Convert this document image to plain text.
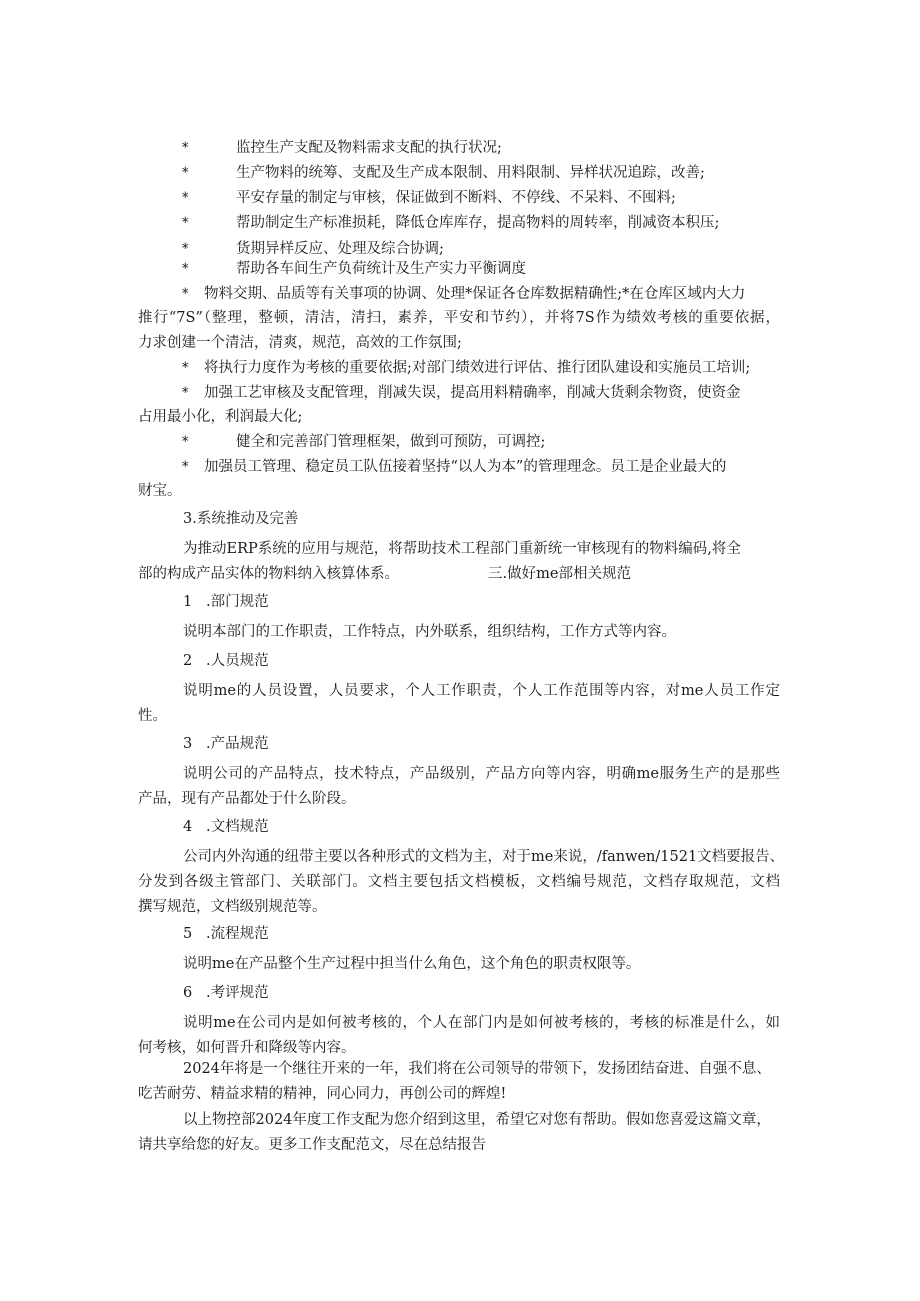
*	监控生产支配及物料需求支配的执行状况;
*	生产物料的统筹、支配及生产成本限制、用料限制、异样状况追踪，改善;
*	平安存量的制定与审核，保证做到不断料、不停线、不呆料、不囤料;
*	帮助制定生产标准损耗，降低仓库库存，提高物料的周转率，削减资本积压;
*	货期异样反应、处理及综合协调;
*	帮助各车间生产负荷统计及生产实力平衡调度
* 物料交期、品质等有关事项的协调、处理*保证各仓库数据精确性;*在仓库区域内大力
推行“7S”（整理，整顿，清洁，清扫，素养，平安和节约），并将7S作为绩效考核的重要依据，
力求创建一个清洁，清爽，规范，高效的工作氛围;
* 将执行力度作为考核的重要依据;对部门绩效进行评估、推行团队建设和实施员工培训;
* 加强工艺审核及支配管理，削减失误，提高用料精确率，削减大货剩余物资，使资金
占用最小化，利润最大化;
*	健全和完善部门管理框架，做到可预防，可调控;
* 加强员工管理、稳定员工队伍接着坚持“以人为本”的管理理念。员工是企业最大的
财宝。
3.系统推动及完善
为推动ERP系统的应用与规范，将帮助技术工程部门重新统一审核现有的物料编码,将全
部的构成产品实体的物料纳入核算体系。	三.做好me部相关规范
1 .部门规范
说明本部门的工作职责，工作特点，内外联系，组织结构，工作方式等内容。
2 .人员规范
说明me的人员设置，人员要求，个人工作职责，个人工作范围等内容，对me人员工作定
性。
3 .产品规范
说明公司的产品特点，技术特点，产品级别，产品方向等内容，明确me服务生产的是那些
产品，现有产品都处于什么阶段。
4 .文档规范
公司内外沟通的纽带主要以各种形式的文档为主，对于me来说，/fanwen/1521文档要报告、
分发到各级主管部门、关联部门。文档主要包括文档模板，文档编号规范，文档存取规范，文档
撰写规范，文档级别规范等。
5 .流程规范
说明me在产品整个生产过程中担当什么角色，这个角色的职责权限等。
6 .考评规范
说明me在公司内是如何被考核的，个人在部门内是如何被考核的，考核的标准是什么，如
何考核，如何晋升和降级等内容。
2024年将是一个继往开来的一年，我们将在公司领导的带领下，发扬团结奋进、自强不息、
吃苦耐劳、精益求精的精神，同心同力，再创公司的辉煌!
以上物控部2024年度工作支配为您介绍到这里，希望它对您有帮助。假如您喜爱这篇文章，
请共享给您的好友。更多工作支配范文，尽在总结报告
